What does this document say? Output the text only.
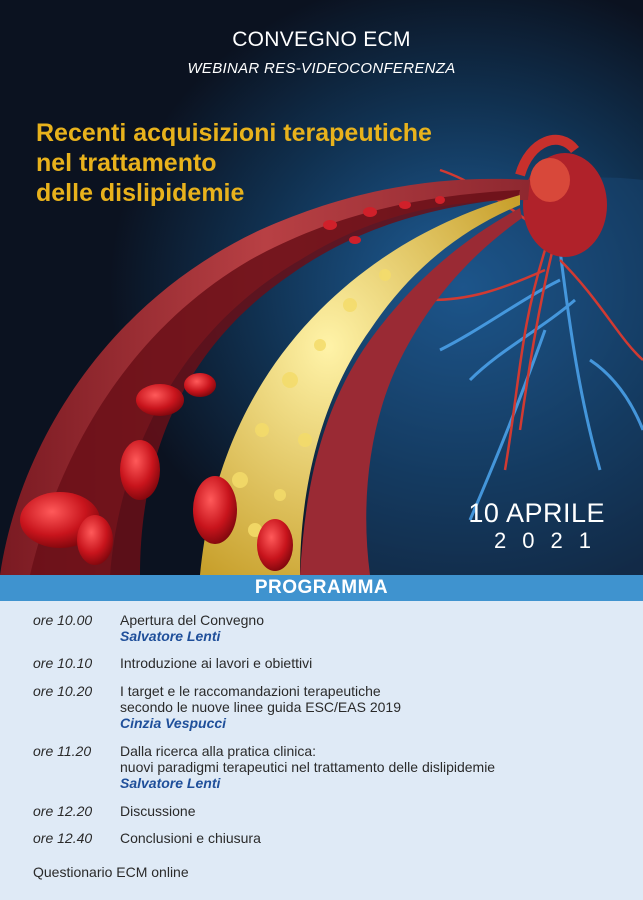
CONVEGNO ECM
WEBINAR RES-VIDEOCONFERENZA
Recenti acquisizioni terapeutiche
nel trattamento
delle dislipidemie
10 APRILE
2021
PROGRAMMA
ore 10.00 Apertura del Convegno
Salvatore Lenti
ore 10.10 Introduzione ai lavori e obiettivi
ore 10.20 I target e le raccomandazioni terapeutiche
secondo le nuove linee guida ESC/EAS 2019
Cinzia Vespucci
ore 11.20 Dalla ricerca alla pratica clinica:
nuovi paradigmi terapeutici nel trattamento delle dislipidemie
Salvatore Lenti
ore 12.20 Discussione
ore 12.40 Conclusioni e chiusura
Questionario ECM online
